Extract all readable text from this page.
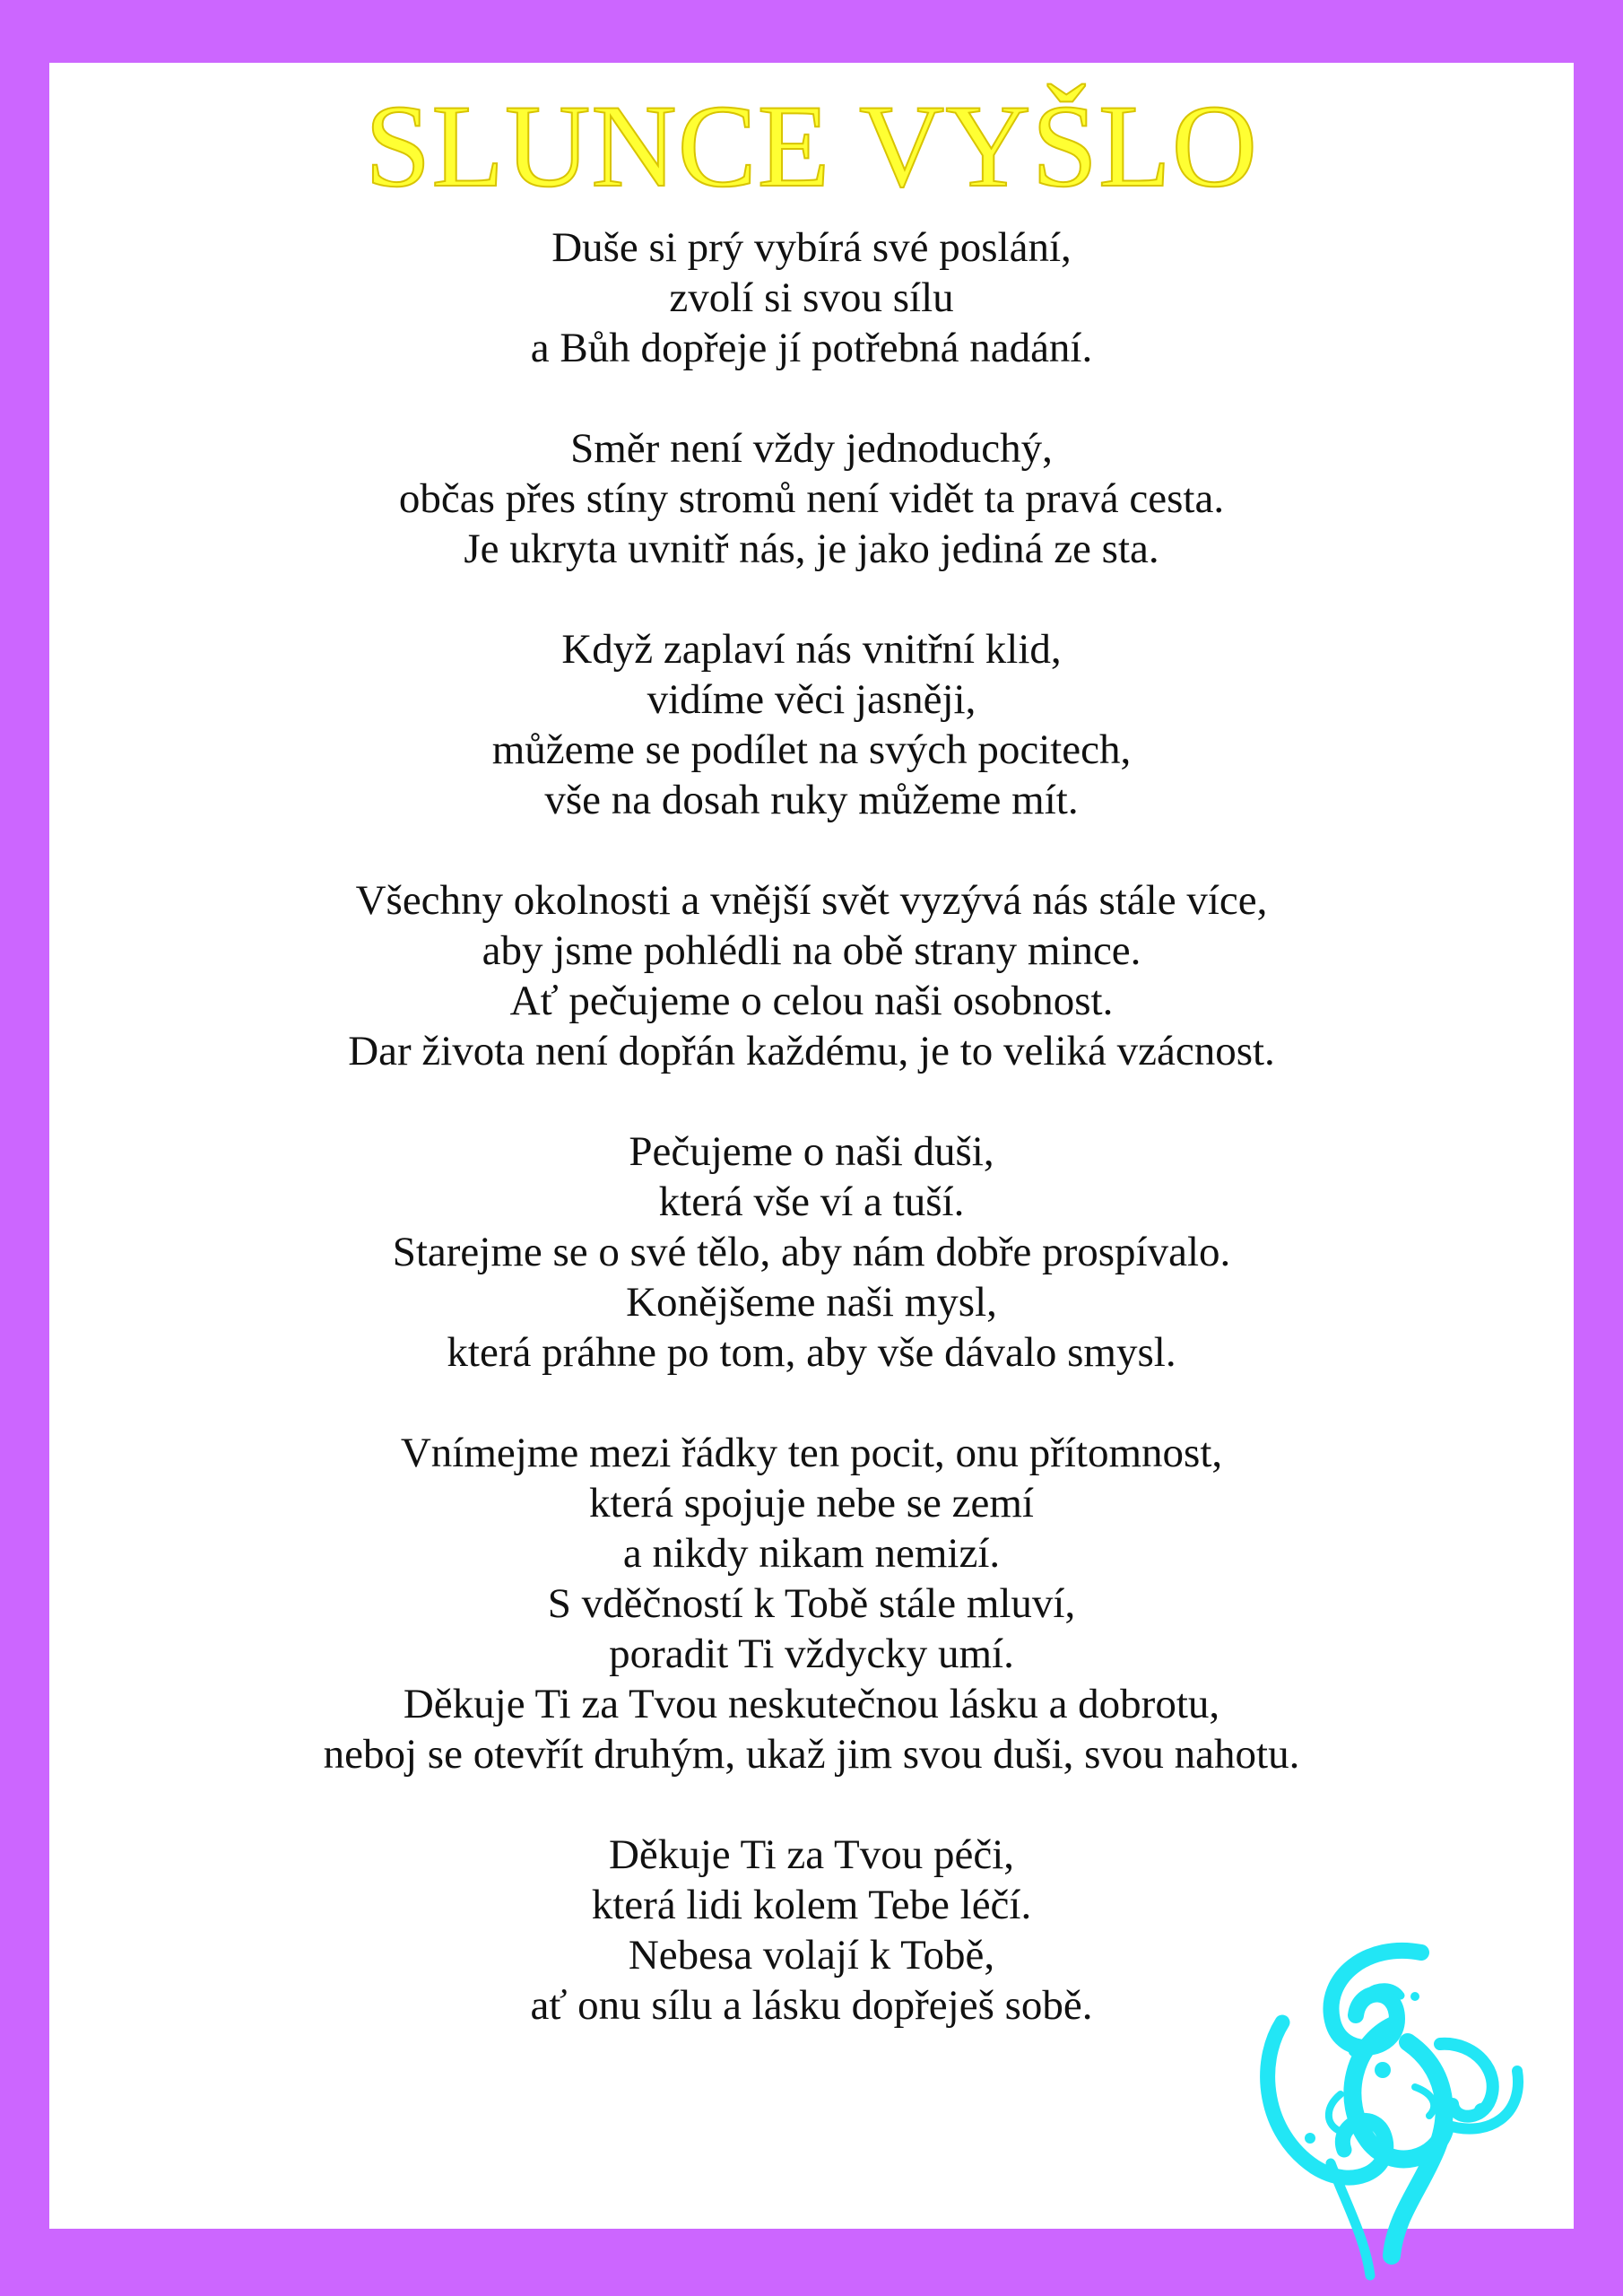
SLUNCE VYŠLO
Duše si prý vybírá své poslání,
zvolí si svou sílu
a Bůh dopřeje jí potřebná nadání.
Směr není vždy jednoduchý,
občas přes stíny stromů není vidět ta pravá cesta.
Je ukryta uvnitř nás, je jako jediná ze sta.
Když zaplaví nás vnitřní klid,
vidíme věci jasněji,
můžeme se podílet na svých pocitech,
vše na dosah ruky můžeme mít.
Všechny okolnosti a vnější svět vyzývá nás stále více,
aby jsme pohlédli na obě strany mince.
Ať pečujeme o celou naši osobnost.
Dar života není dopřán každému, je to veliká vzácnost.
Pečujeme o naši duši,
která vše ví a tuší.
Starejme se o své tělo, aby nám dobře prospívalo.
Konějšeme naši mysl,
která práhne po tom, aby vše dávalo smysl.
Vnímejme mezi řádky ten pocit, onu přítomnost,
která spojuje nebe se zemí
a nikdy nikam nemizí.
S vděčností k Tobě stále mluví,
poradit Ti vždycky umí.
Děkuje Ti za Tvou neskutečnou lásku a dobrotu,
neboj se otevřít druhým, ukaž jim svou duši, svou nahotu.
Děkuje Ti za Tvou péči,
která lidi kolem Tebe léčí.
Nebesa volají k Tobě,
ať onu sílu a lásku dopřeješ sobě.
